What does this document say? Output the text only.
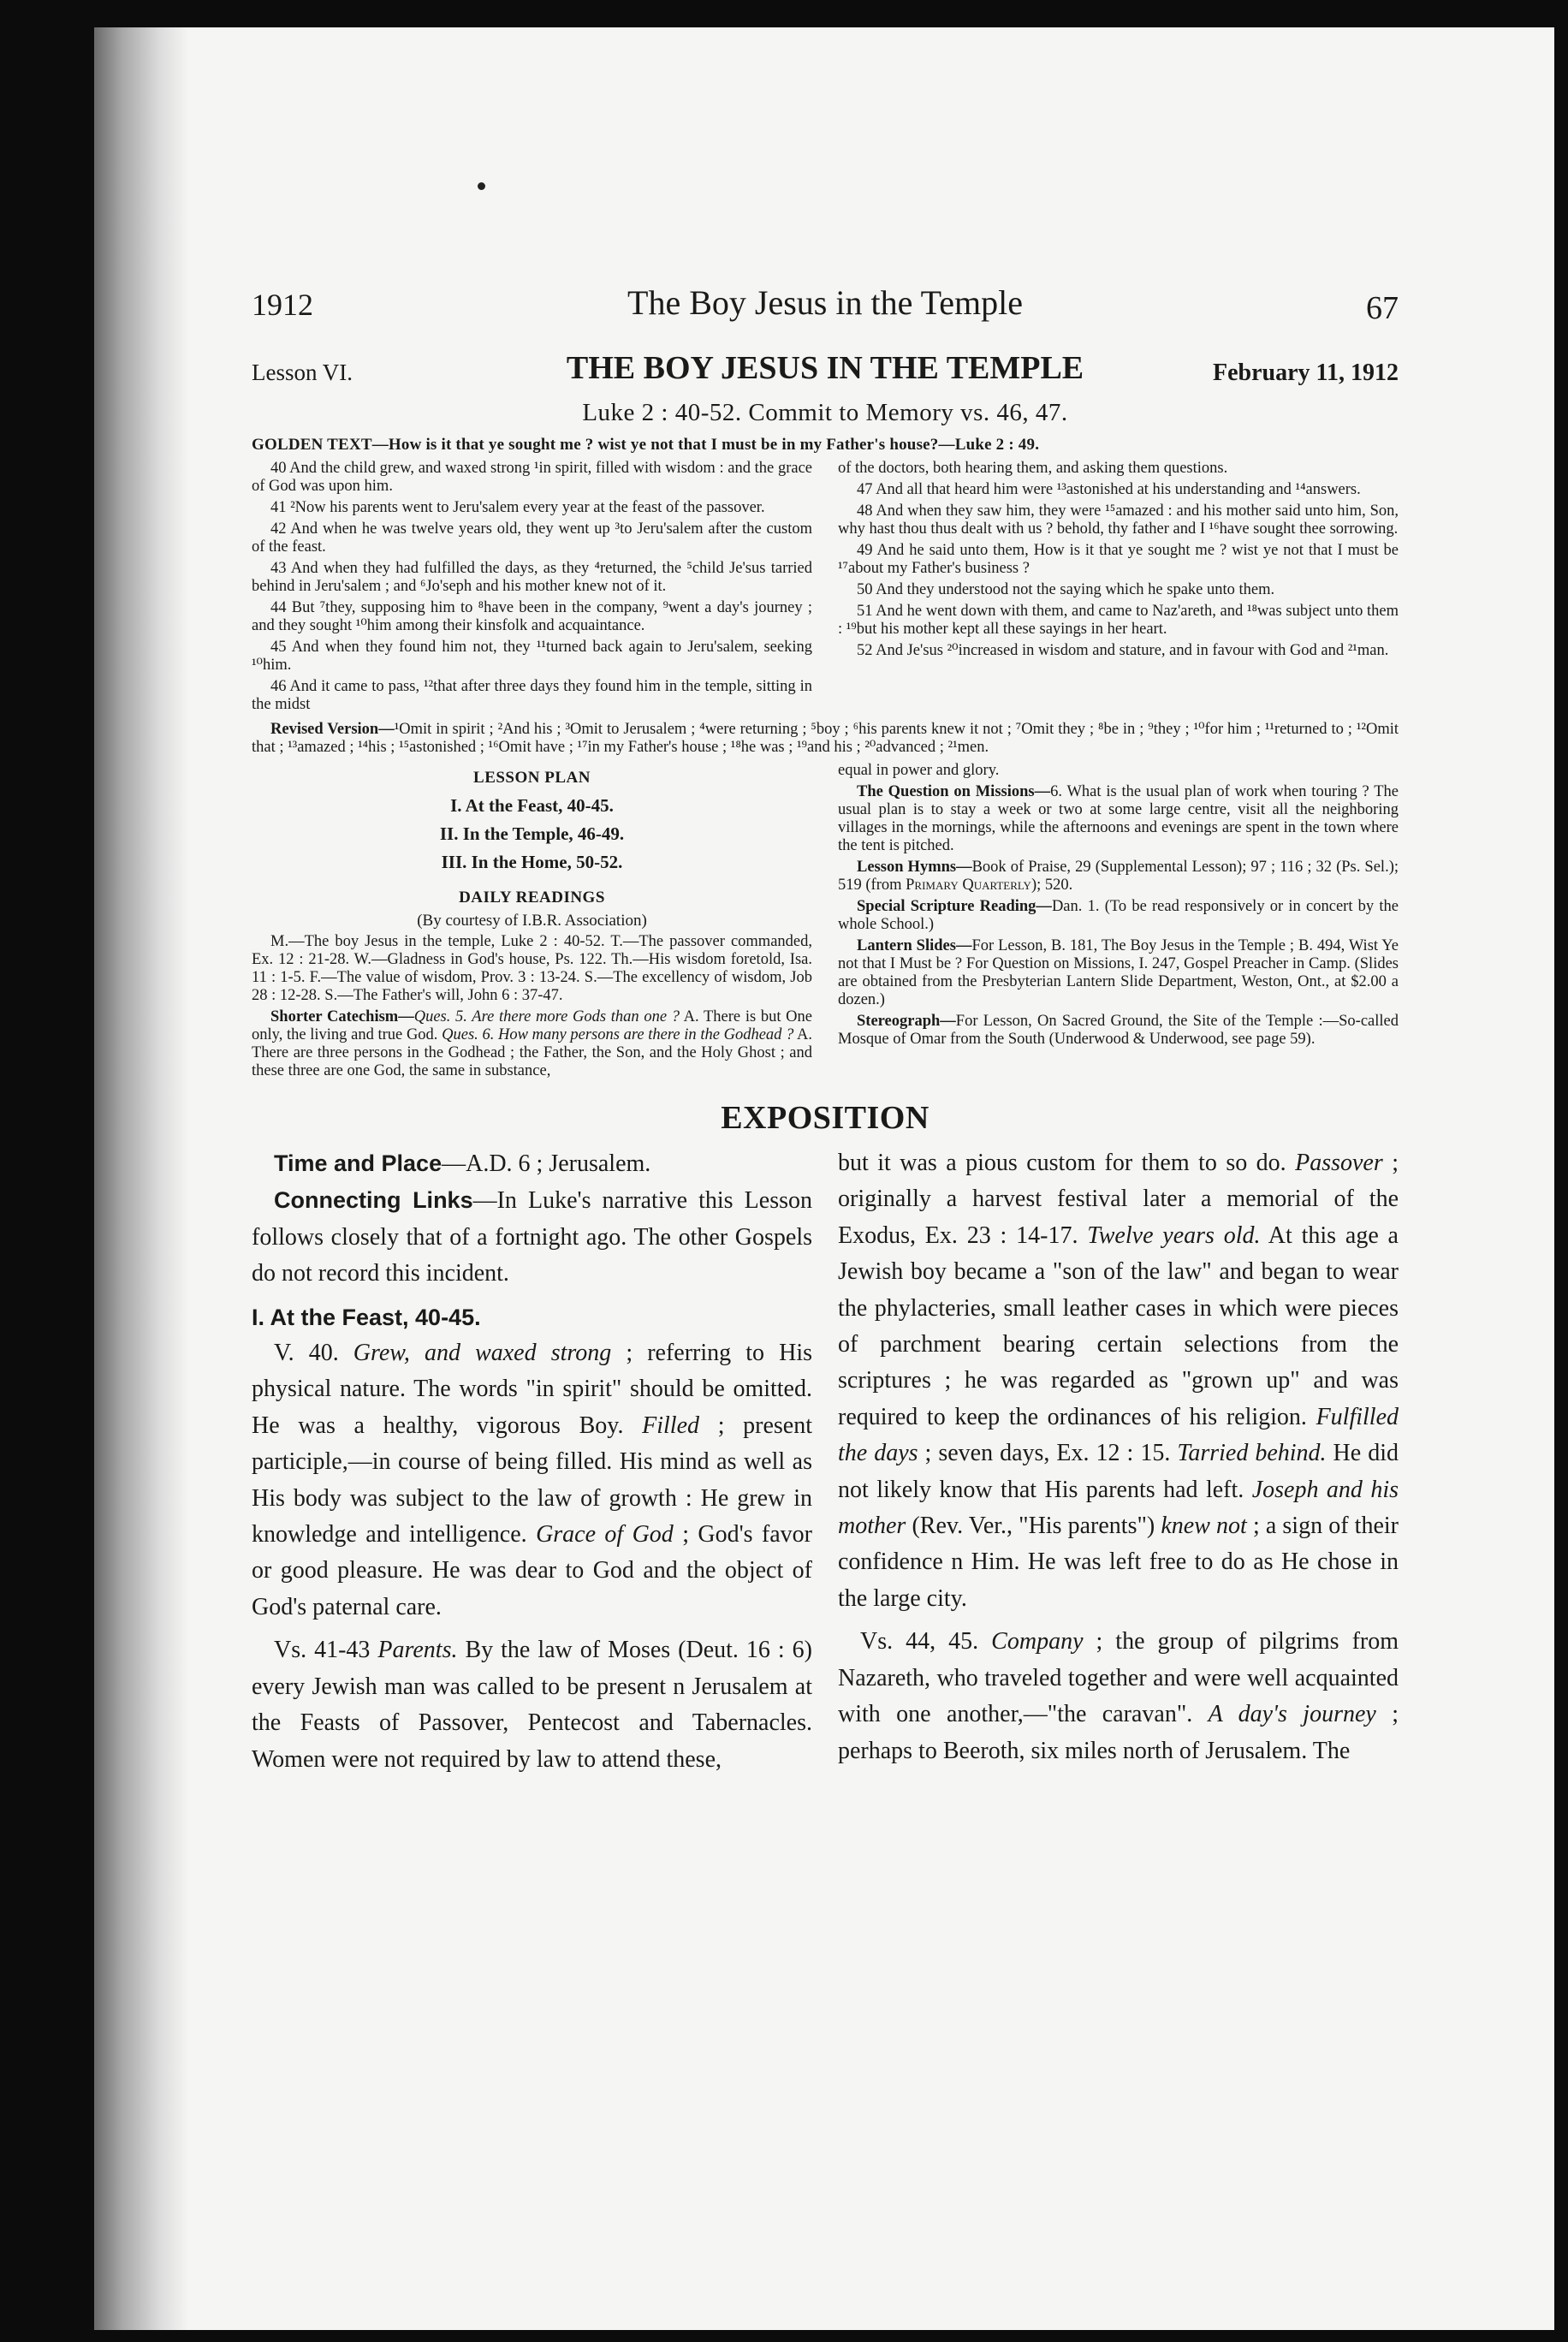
1912	The Boy Jesus in the Temple	67
Lesson VI.	THE BOY JESUS IN THE TEMPLE	February 11, 1912
Luke 2 : 40-52. Commit to Memory vs. 46, 47.
GOLDEN TEXT—How is it that ye sought me ? wist ye not that I must be in my Father's house?—Luke 2 : 49.

40 And the child grew, and waxed strong ¹in spirit, filled with wisdom : and the grace of God was upon him.

41 ²Now his parents went to Jeru'salem every year at the feast of the passover.

42 And when he was twelve years old, they went up ³to Jeru'salem after the custom of the feast.

43 And when they had fulfilled the days, as they ⁴returned, the ⁵child Je'sus tarried behind in Jeru'salem ; and ⁶Jo'seph and his mother knew not of it.

44 But ⁷they, supposing him to ⁸have been in the company, ⁹went a day's journey ; and they sought ¹⁰him among their kinsfolk and acquaintance.

45 And when they found him not, they ¹¹turned back again to Jeru'salem, seeking ¹⁰him.

46 And it came to pass, ¹²that after three days they found him in the temple, sitting in the midst

of the doctors, both hearing them, and asking them questions.

47 And all that heard him were ¹³astonished at his understanding and ¹⁴answers.

48 And when they saw him, they were ¹⁵amazed : and his mother said unto him, Son, why hast thou thus dealt with us ? behold, thy father and I ¹⁶have sought thee sorrowing.

49 And he said unto them, How is it that ye sought me ? wist ye not that I must be ¹⁷about my Father's business ?

50 And they understood not the saying which he spake unto them.

51 And he went down with them, and came to Naz'areth, and ¹⁸was subject unto them : ¹⁹but his mother kept all these sayings in her heart.

52 And Je'sus ²⁰increased in wisdom and stature, and in favour with God and ²¹man.

Revised Version—¹Omit in spirit ; ²And his ; ³Omit to Jerusalem ; ⁴were returning ; ⁵boy ; ⁶his parents knew it not ; ⁷Omit they ; ⁸be in ; ⁹they ; ¹⁰for him ; ¹¹returned to ; ¹²Omit that ; ¹³amazed ; ¹⁴his ; ¹⁵astonished ; ¹⁶Omit have ; ¹⁷in my Father's house ; ¹⁸he was ; ¹⁹and his ; ²⁰advanced ; ²¹men.
LESSON PLAN
I. At the Feast, 40-45.
II. In the Temple, 46-49.
III. In the Home, 50-52.
DAILY READINGS
(By courtesy of I.B.R. Association)

M.—The boy Jesus in the temple, Luke 2 : 40-52. T.—The passover commanded, Ex. 12 : 21-28. W.—Gladness in God's house, Ps. 122. Th.—His wisdom foretold, Isa. 11 : 1-5. F.—The value of wisdom, Prov. 3 : 13-24. S.—The excellency of wisdom, Job 28 : 12-28. S.—The Father's will, John 6 : 37-47.

Shorter Catechism—Ques. 5. Are there more Gods than one ? A. There is but One only, the living and true God. Ques. 6. How many persons are there in the Godhead ? A. There are three persons in the Godhead ; the Father, the Son, and the Holy Ghost ; and these three are one God, the same in substance,

equal in power and glory.

The Question on Missions—6. What is the usual plan of work when touring ? The usual plan is to stay a week or two at some large centre, visit all the neighboring villages in the mornings, while the afternoons and evenings are spent in the town where the tent is pitched.

Lesson Hymns—Book of Praise, 29 (Supplemental Lesson); 97 ; 116 ; 32 (Ps. Sel.); 519 (from Primary Quarterly); 520.

Special Scripture Reading—Dan. 1. (To be read responsively or in concert by the whole School.)

Lantern Slides—For Lesson, B. 181, The Boy Jesus in the Temple ; B. 494, Wist Ye not that I Must be ? For Question on Missions, I. 247, Gospel Preacher in Camp. (Slides are obtained from the Presbyterian Lantern Slide Department, Weston, Ont., at $2.00 a dozen.)

Stereograph—For Lesson, On Sacred Ground, the Site of the Temple :—So-called Mosque of Omar from the South (Underwood & Underwood, see page 59).

EXPOSITION

Time and Place—A.D. 6 ; Jerusalem.

Connecting Links—In Luke's narrative this Lesson follows closely that of a fortnight ago. The other Gospels do not record this incident.

I. At the Feast, 40-45.

V. 40. Grew, and waxed strong ; referring to His physical nature. The words "in spirit" should be omitted. He was a healthy, vigorous Boy. Filled ; present participle,—in course of being filled. His mind as well as His body was subject to the law of growth : He grew in knowledge and intelligence. Grace of God ; God's favor or good pleasure. He was dear to God and the object of God's paternal care.

Vs. 41-43 Parents. By the law of Moses (Deut. 16 : 6) every Jewish man was called to be present n Jerusalem at the Feasts of Passover, Pentecost and Tabernacles. Women were not required by law to attend these,

but it was a pious custom for them to so do. Passover ; originally a harvest festival later a memorial of the Exodus, Ex. 23 : 14-17. Twelve years old. At this age a Jewish boy became a "son of the law" and began to wear the phylacteries, small leather cases in which were pieces of parchment bearing certain selections from the scriptures ; he was regarded as "grown up" and was required to keep the ordinances of his religion. Fulfilled the days ; seven days, Ex. 12 : 15. Tarried behind. He did not likely know that His parents had left. Joseph and his mother (Rev. Ver., "His parents") knew not ; a sign of their confidence n Him. He was left free to do as He chose in the large city.

Vs. 44, 45. Company ; the group of pilgrims from Nazareth, who traveled together and were well acquainted with one another,—"the caravan". A day's journey ; perhaps to Beeroth, six miles north of Jerusalem. The
